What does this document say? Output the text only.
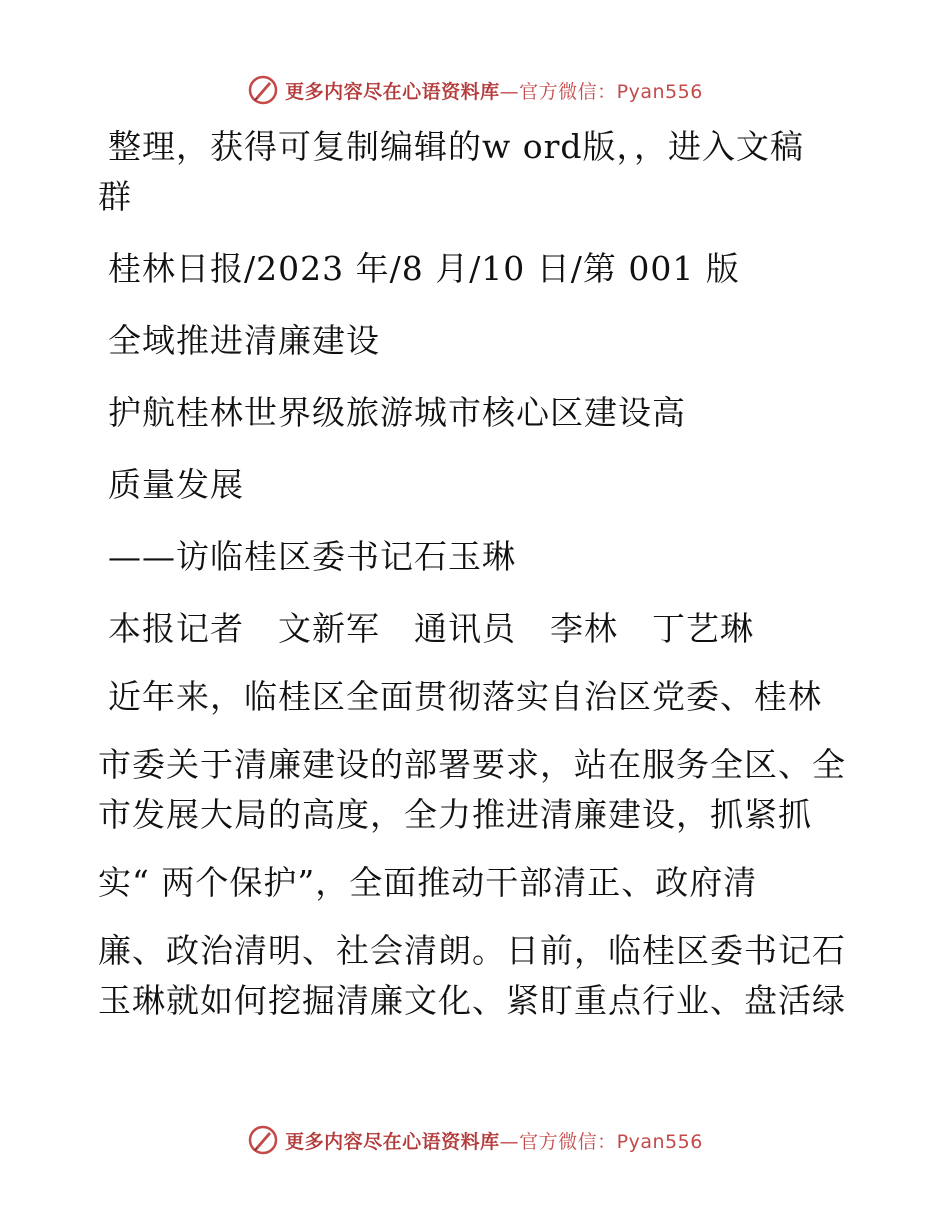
更多内容尽在心语资料库—官方微信：Pyan556
整理，获得可复制编辑的w ord版，，进入文稿
群
桂林日报/2023 年/8 月/10 日/第 001 版
全域推进清廉建设
护航桂林世界级旅游城市核心区建设高
质量发展
——访临桂区委书记石玉琳
本报记者　文新军　通讯员　李林　丁艺琳
近年来，临桂区全面贯彻落实自治区党委、桂林
市委关于清廉建设的部署要求，站在服务全区、全
市发展大局的高度，全力推进清廉建设，抓紧抓
实“ 两个保护”，全面推动干部清正、政府清
廉、政治清明、社会清朗。日前，临桂区委书记石
玉琳就如何挖掘清廉文化、紧盯重点行业、盘活绿
更多内容尽在心语资料库—官方微信：Pyan556
